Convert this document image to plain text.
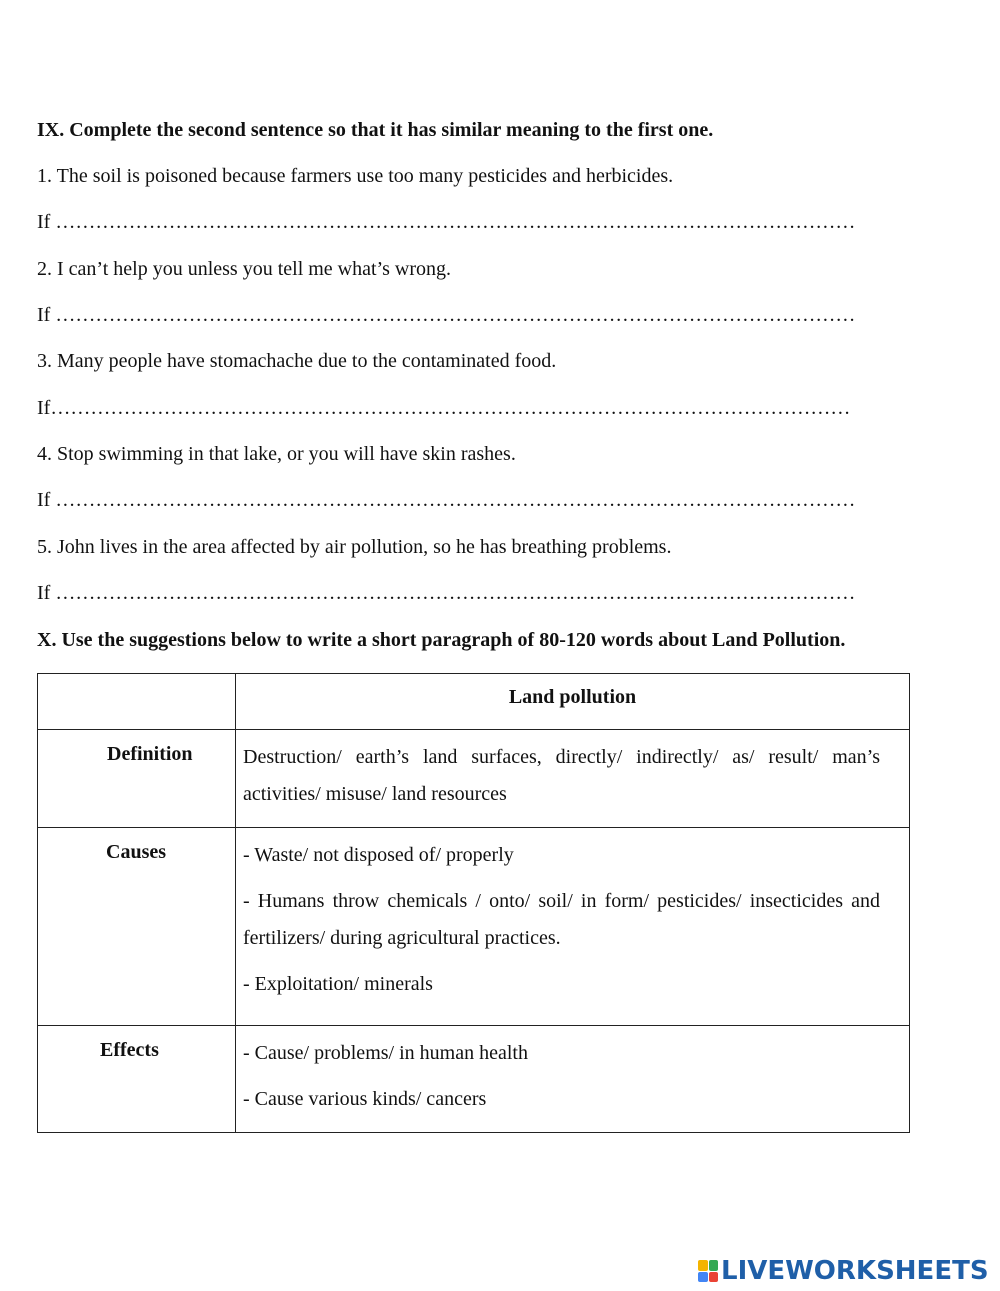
IX. Complete the second sentence so that it has similar meaning to the first one.
1. The soil is poisoned because farmers use too many pesticides and herbicides.
If …………………………………………………………………………………………………………
2. I can’t help you unless you tell me what’s wrong.
If …………………………………………………………………………………………………………
3. Many people have stomachache due to the contaminated food.
If…………………………………………………………………………………………………………
4. Stop swimming in that lake, or you will have skin rashes.
If …………………………………………………………………………………………………………
5. John lives in the area affected by air pollution, so he has breathing problems.
If …………………………………………………………………………………………………………
X. Use the suggestions below to write a short paragraph of 80-120 words about Land Pollution.
	Land pollution
Definition	Destruction/ earth’s land surfaces, directly/ indirectly/ as/ result/ man’s activities/ misuse/ land resources

Causes	- Waste/ not disposed of/ properly

- Humans throw chemicals / onto/ soil/ in form/ pesticides/ insecticides and fertilizers/ during agricultural practices.

- Exploitation/ minerals

Effects	- Cause/ problems/ in human health

- Cause various kinds/ cancers

LIVEWORKSHEETS
